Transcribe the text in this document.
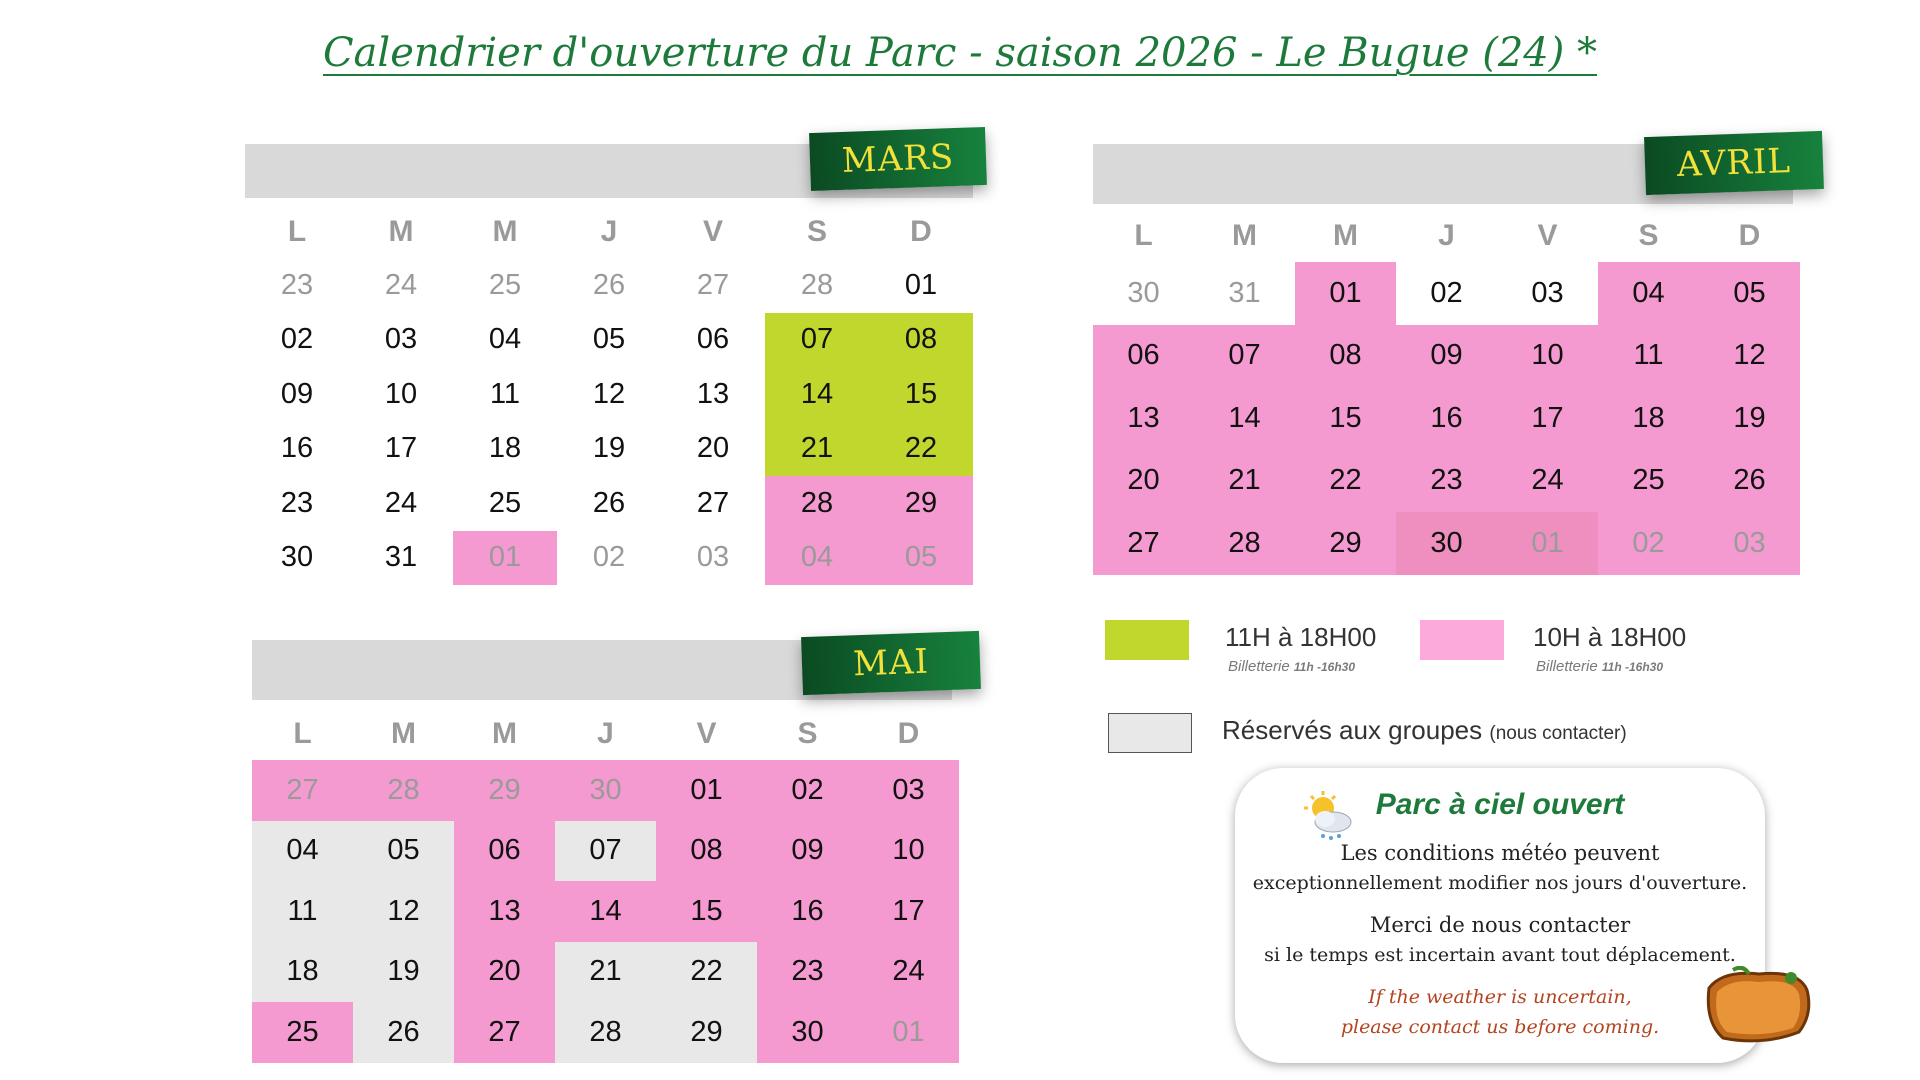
Calendrier d'ouverture du Parc - saison 2026 - Le Bugue (24) *
MARS
L	M	M	J	V	S	D
23	24	25	26	27	28	01
02	03	04	05	06	07	08
09	10	11	12	13	14	15
16	17	18	19	20	21	22
23	24	25	26	27	28	29
30	31	01	02	03	04	05
AVRIL
L	M	M	J	V	S	D
30	31	01	02	03	04	05
06	07	08	09	10	11	12
13	14	15	16	17	18	19
20	21	22	23	24	25	26
27	28	29	30	01	02	03
MAI
L	M	M	J	V	S	D
27	28	29	30	01	02	03
04	05	06	07	08	09	10
11	12	13	14	15	16	17
18	19	20	21	22	23	24
25	26	27	28	29	30	01
11H à 18H00
Billetterie 11h -16h30
10H à 18H00
Billetterie 11h -16h30
Réservés aux groupes (nous contacter)
Parc à ciel ouvert
Les conditions météo peuvent
exceptionnellement modifier nos jours d'ouverture.
Merci de nous contacter
si le temps est incertain avant tout déplacement.
If the weather is uncertain,
please contact us before coming.
